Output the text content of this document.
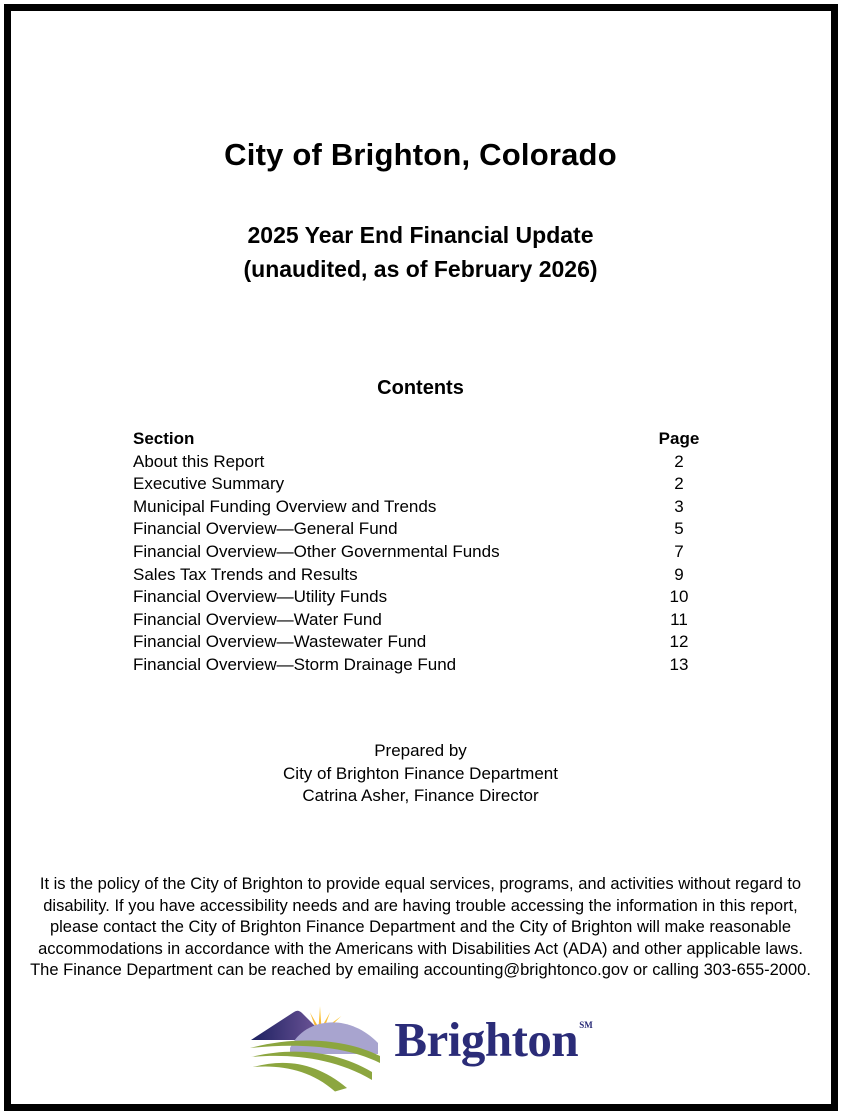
City of Brighton, Colorado
2025 Year End Financial Update
(unaudited, as of February 2026)
Contents
Section	Page
About this Report	2
Executive Summary	2
Municipal Funding Overview and Trends	3
Financial Overview—General Fund	5
Financial Overview—Other Governmental Funds	7
Sales Tax Trends and Results	9
Financial Overview—Utility Funds	10
Financial Overview—Water Fund	11
Financial Overview—Wastewater Fund	12
Financial Overview—Storm Drainage Fund	13
Prepared by
City of Brighton Finance Department
Catrina Asher, Finance Director
It is the policy of the City of Brighton to provide equal services, programs, and activities without regard to disability. If you have accessibility needs and are having trouble accessing the information in this report, please contact the City of Brighton Finance Department and the City of Brighton will make reasonable accommodations in accordance with the Americans with Disabilities Act (ADA) and other applicable laws. The Finance Department can be reached by emailing accounting@brightonco.gov or calling 303-655-2000.
Brighton℠
